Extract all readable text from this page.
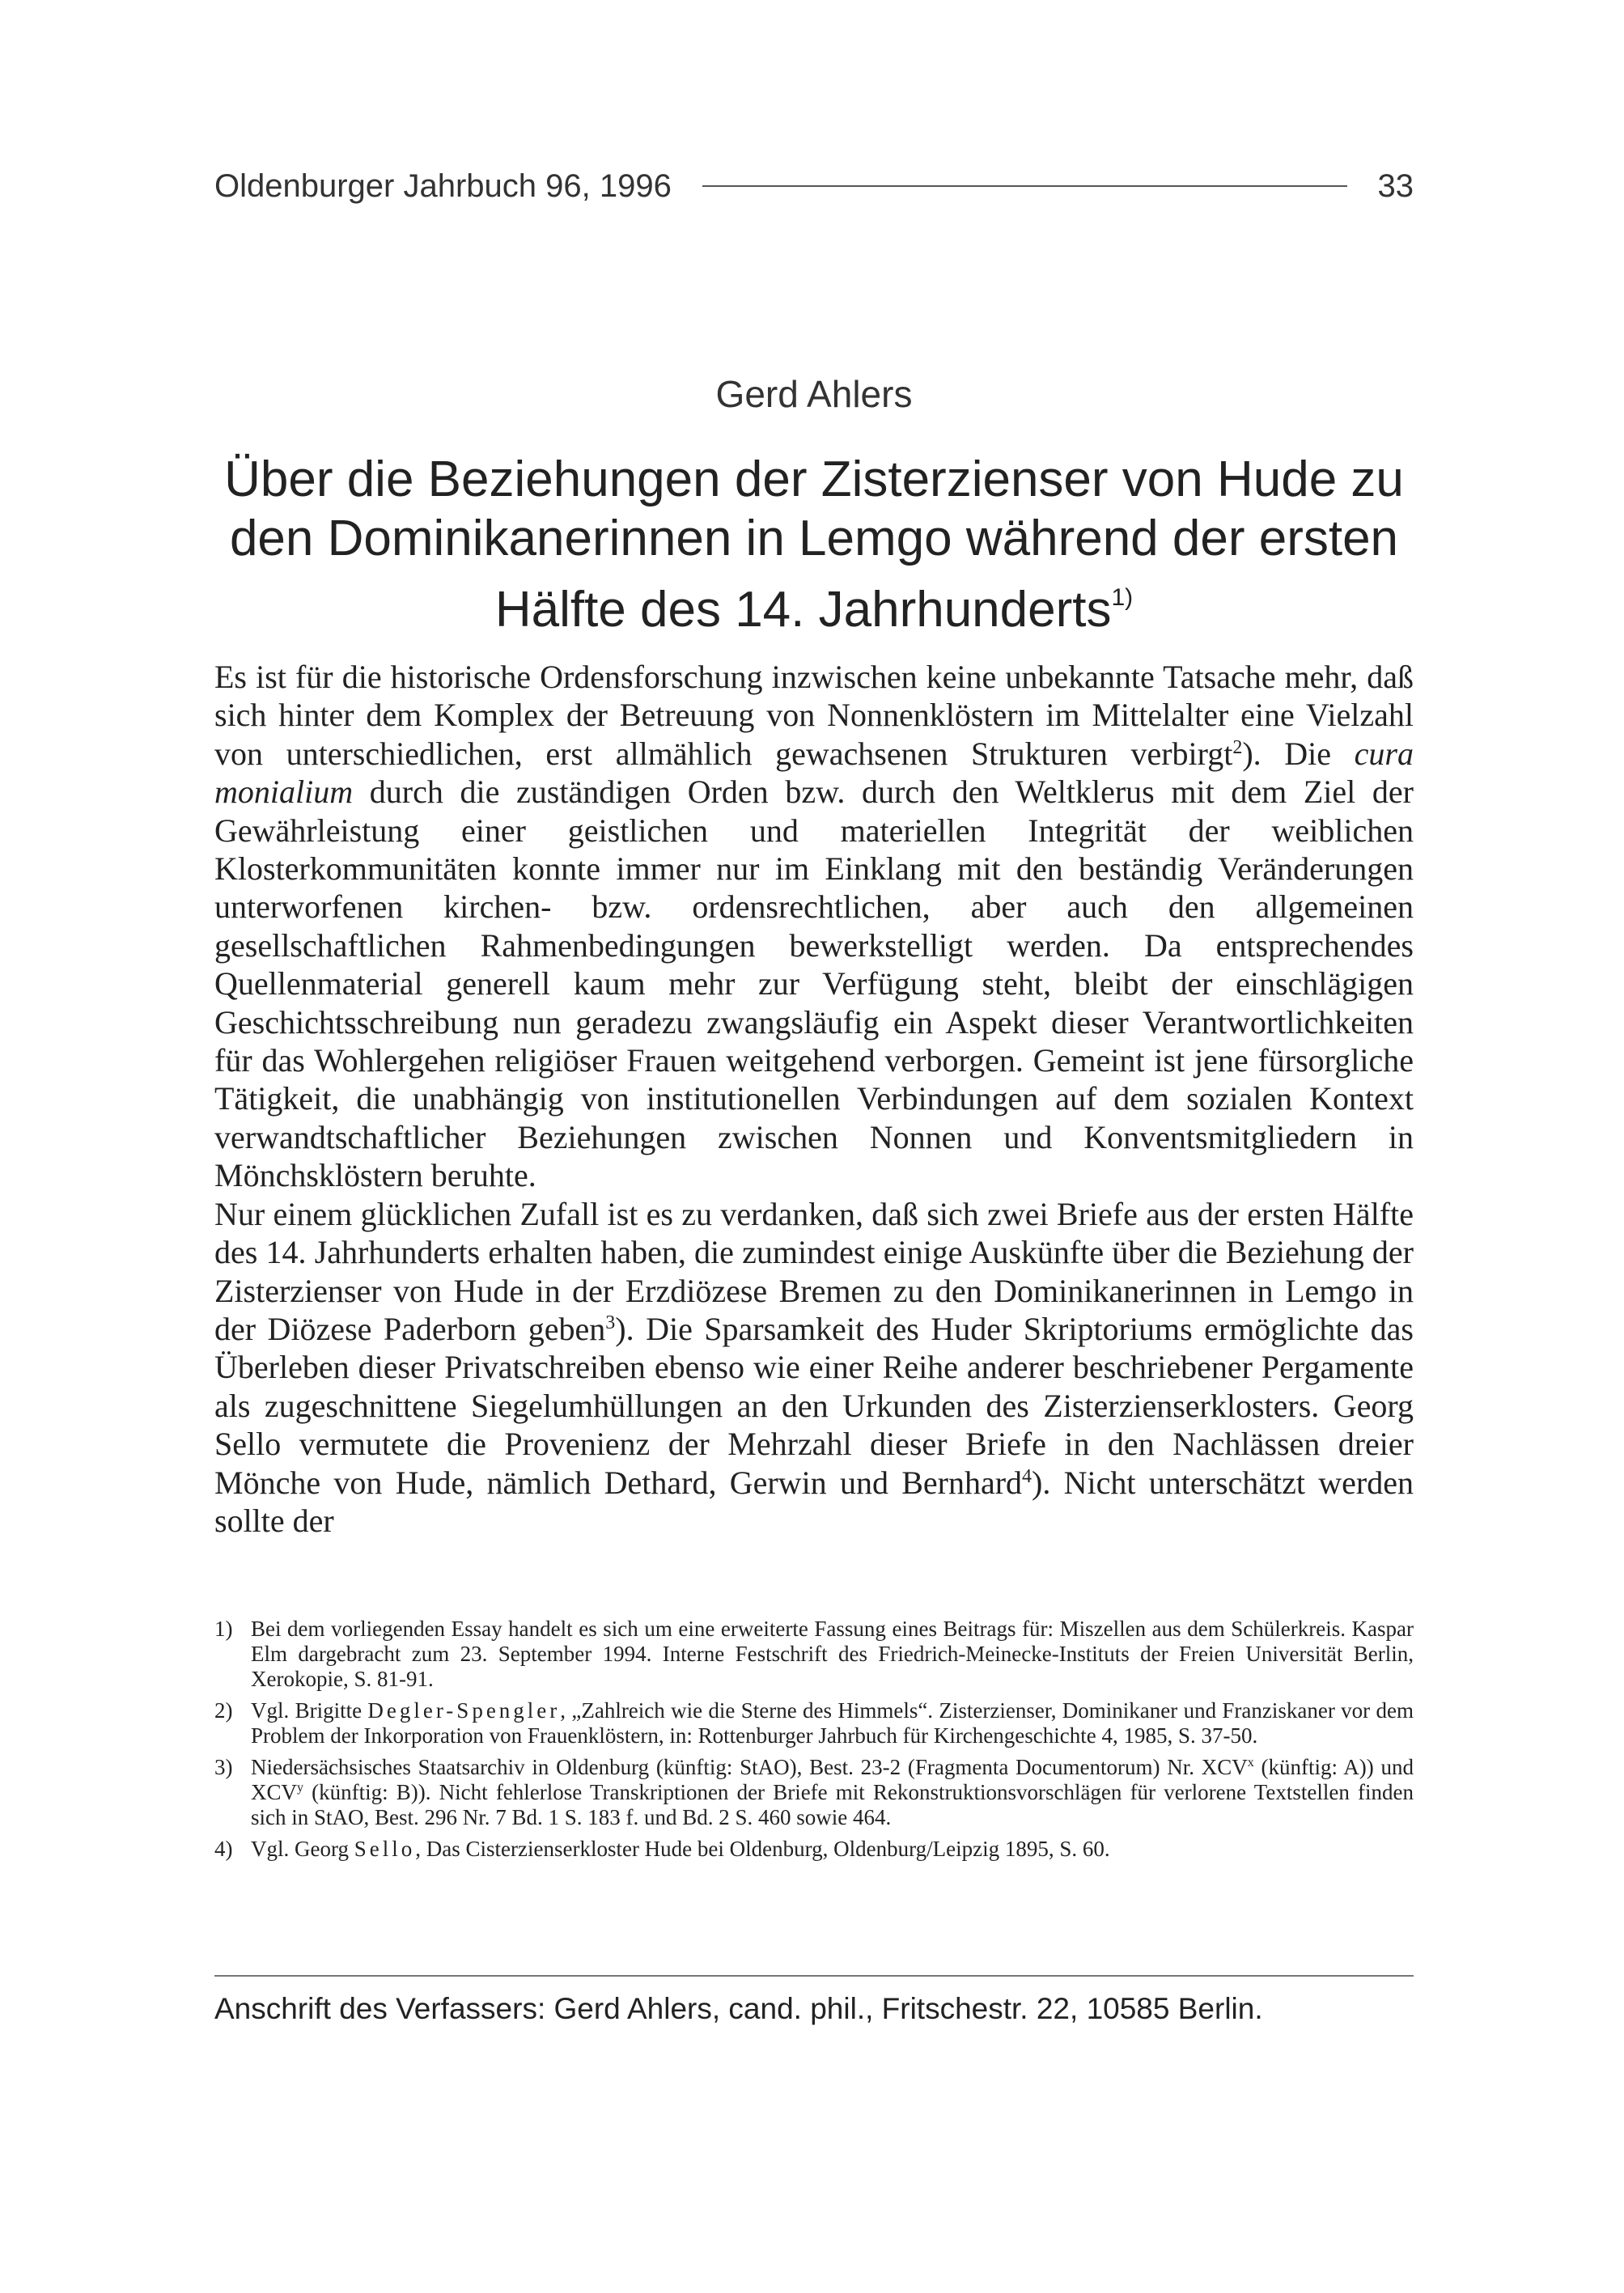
Oldenburger Jahrbuch 96, 1996	33
Gerd Ahlers
Über die Beziehungen der Zisterzienser von Hude zu
den Dominikanerinnen in Lemgo während der ersten
Hälfte des 14. Jahrhunderts$^{1)}$

Es ist für die historische Ordensforschung inzwischen keine unbekannte Tatsache mehr, daß sich hinter dem Komplex der Betreuung von Nonnenklöstern im Mittelalter eine Vielzahl von unterschiedlichen, erst allmählich gewachsenen Strukturen verbirgt$^2$). Die cura monialium durch die zuständigen Orden bzw. durch den Weltklerus mit dem Ziel der Gewährleistung einer geistlichen und materiellen Integrität der weiblichen Klosterkommunitäten konnte immer nur im Einklang mit den beständig Veränderungen unterworfenen kirchen- bzw. ordensrechtlichen, aber auch den allgemeinen gesellschaftlichen Rahmenbedingungen bewerkstelligt werden. Da entsprechendes Quellenmaterial generell kaum mehr zur Verfügung steht, bleibt der einschlägigen Geschichtsschreibung nun geradezu zwangsläufig ein Aspekt dieser Verantwortlichkeiten für das Wohlergehen religiöser Frauen weitgehend verborgen. Gemeint ist jene fürsorgliche Tätigkeit, die unabhängig von institutionellen Verbindungen auf dem sozialen Kontext verwandtschaftlicher Beziehungen zwischen Nonnen und Konventsmitgliedern in Mönchsklöstern beruhte.

Nur einem glücklichen Zufall ist es zu verdanken, daß sich zwei Briefe aus der ersten Hälfte des 14. Jahrhunderts erhalten haben, die zumindest einige Auskünfte über die Beziehung der Zisterzienser von Hude in der Erzdiözese Bremen zu den Dominikanerinnen in Lemgo in der Diözese Paderborn geben$^3$). Die Sparsamkeit des Huder Skriptoriums ermöglichte das Überleben dieser Privatschreiben ebenso wie einer Reihe anderer beschriebener Pergamente als zugeschnittene Siegelumhüllungen an den Urkunden des Zisterzienserklosters. Georg Sello vermutete die Provenienz der Mehrzahl dieser Briefe in den Nachlässen dreier Mönche von Hude, nämlich Dethard, Gerwin und Bernhard$^4$). Nicht unterschätzt werden sollte der

1) Bei dem vorliegenden Essay handelt es sich um eine erweiterte Fassung eines Beitrags für: Miszellen aus dem Schülerkreis. Kaspar Elm dargebracht zum 23. September 1994. Interne Festschrift des Friedrich-Meinecke-Instituts der Freien Universität Berlin, Xerokopie, S. 81-91.
2) Vgl. Brigitte Degler-Spengler, „Zahlreich wie die Sterne des Himmels“. Zisterzienser, Dominikaner und Franziskaner vor dem Problem der Inkorporation von Frauenklöstern, in: Rottenburger Jahrbuch für Kirchengeschichte 4, 1985, S. 37-50.
3) Niedersächsisches Staatsarchiv in Oldenburg (künftig: StAO), Best. 23-2 (Fragmenta Documentorum) Nr. XCV$^x$ (künftig: A)) und XCV$^y$ (künftig: B)). Nicht fehlerlose Transkriptionen der Briefe mit Rekonstruktionsvorschlägen für verlorene Textstellen finden sich in StAO, Best. 296 Nr. 7 Bd. 1 S. 183 f. und Bd. 2 S. 460 sowie 464.
4) Vgl. Georg Sello, Das Cisterzienserkloster Hude bei Oldenburg, Oldenburg/Leipzig 1895, S. 60.
Anschrift des Verfassers: Gerd Ahlers, cand. phil., Fritschestr. 22, 10585 Berlin.
